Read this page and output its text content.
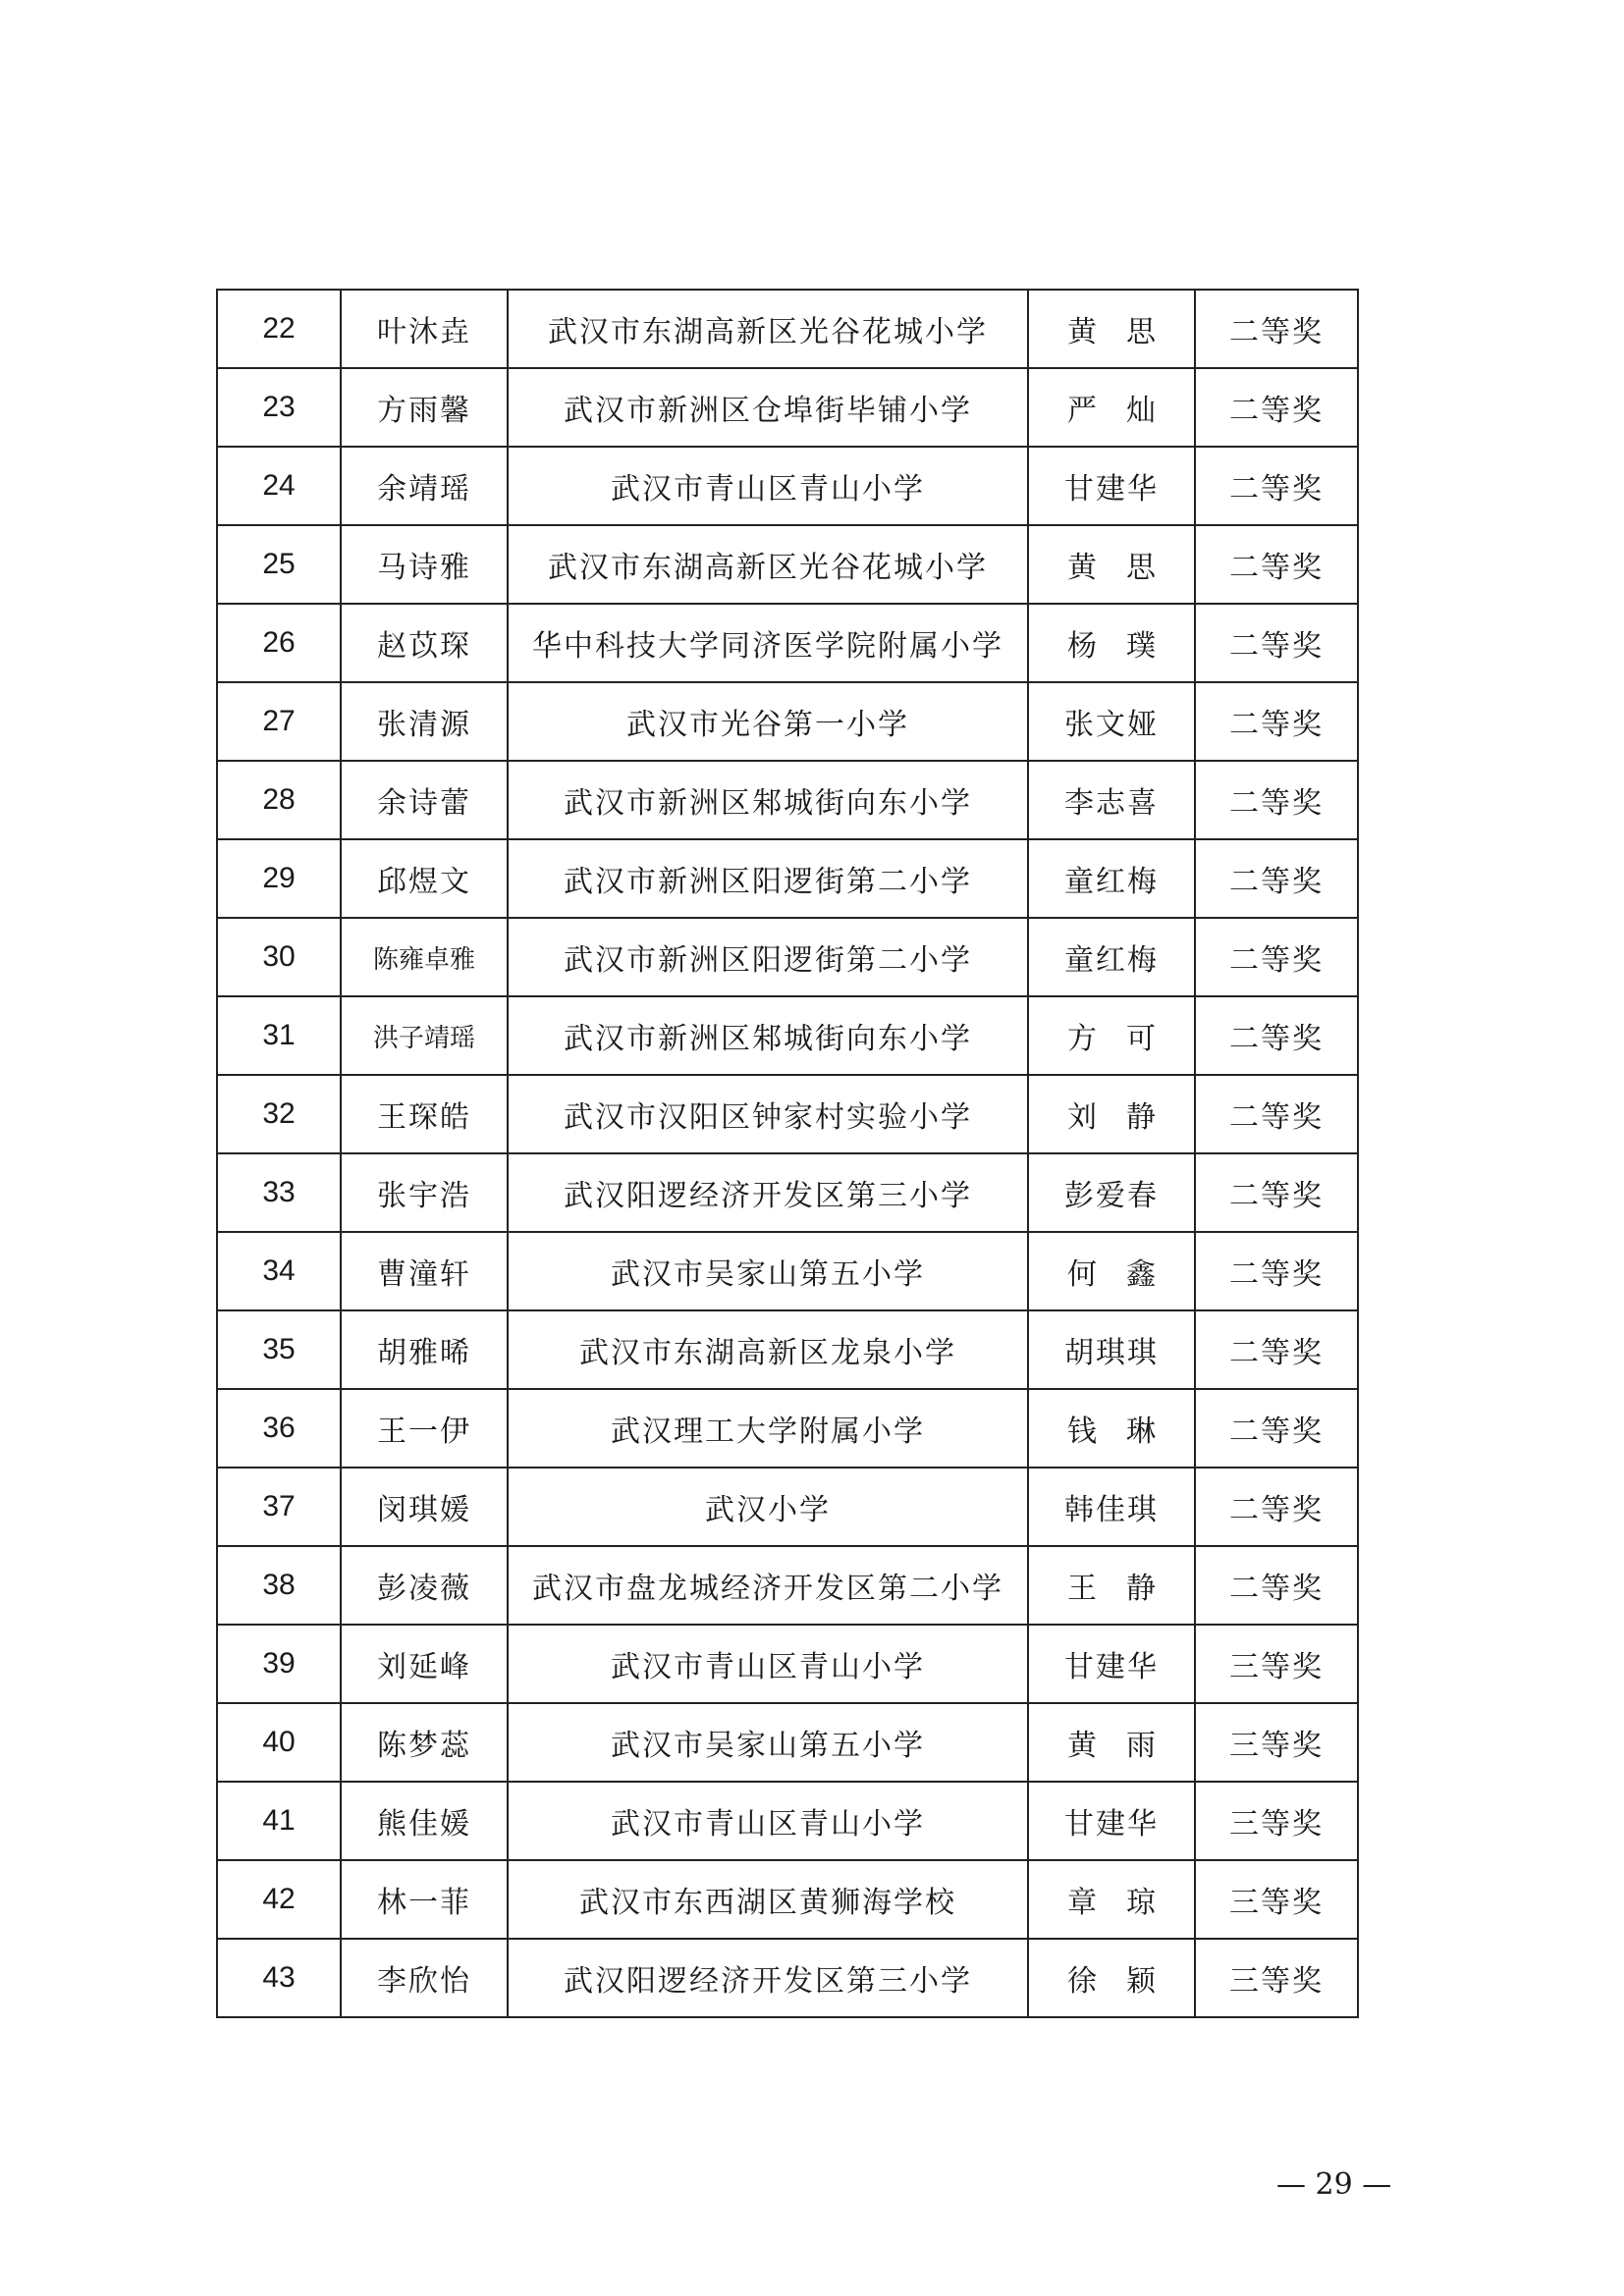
22	叶沐垚	武汉市东湖高新区光谷花城小学	黄思	二等奖
23	方雨馨	武汉市新洲区仓埠街毕铺小学	严灿	二等奖
24	余靖瑶	武汉市青山区青山小学	甘建华	二等奖
25	马诗雅	武汉市东湖高新区光谷花城小学	黄思	二等奖
26	赵苡琛	华中科技大学同济医学院附属小学	杨璞	二等奖
27	张清源	武汉市光谷第一小学	张文娅	二等奖
28	余诗蕾	武汉市新洲区邾城街向东小学	李志喜	二等奖
29	邱煜文	武汉市新洲区阳逻街第二小学	童红梅	二等奖
30	陈雍卓雅	武汉市新洲区阳逻街第二小学	童红梅	二等奖
31	洪子靖瑶	武汉市新洲区邾城街向东小学	方可	二等奖
32	王琛皓	武汉市汉阳区钟家村实验小学	刘静	二等奖
33	张宇浩	武汉阳逻经济开发区第三小学	彭爱春	二等奖
34	曹潼轩	武汉市吴家山第五小学	何鑫	二等奖
35	胡雅晞	武汉市东湖高新区龙泉小学	胡琪琪	二等奖
36	王一伊	武汉理工大学附属小学	钱琳	二等奖
37	闵琪媛	武汉小学	韩佳琪	二等奖
38	彭凌薇	武汉市盘龙城经济开发区第二小学	王静	二等奖
39	刘延峰	武汉市青山区青山小学	甘建华	三等奖
40	陈梦蕊	武汉市吴家山第五小学	黄雨	三等奖
41	熊佳媛	武汉市青山区青山小学	甘建华	三等奖
42	林一菲	武汉市东西湖区黄狮海学校	章琼	三等奖
43	李欣怡	武汉阳逻经济开发区第三小学	徐颖	三等奖
— 29 —
